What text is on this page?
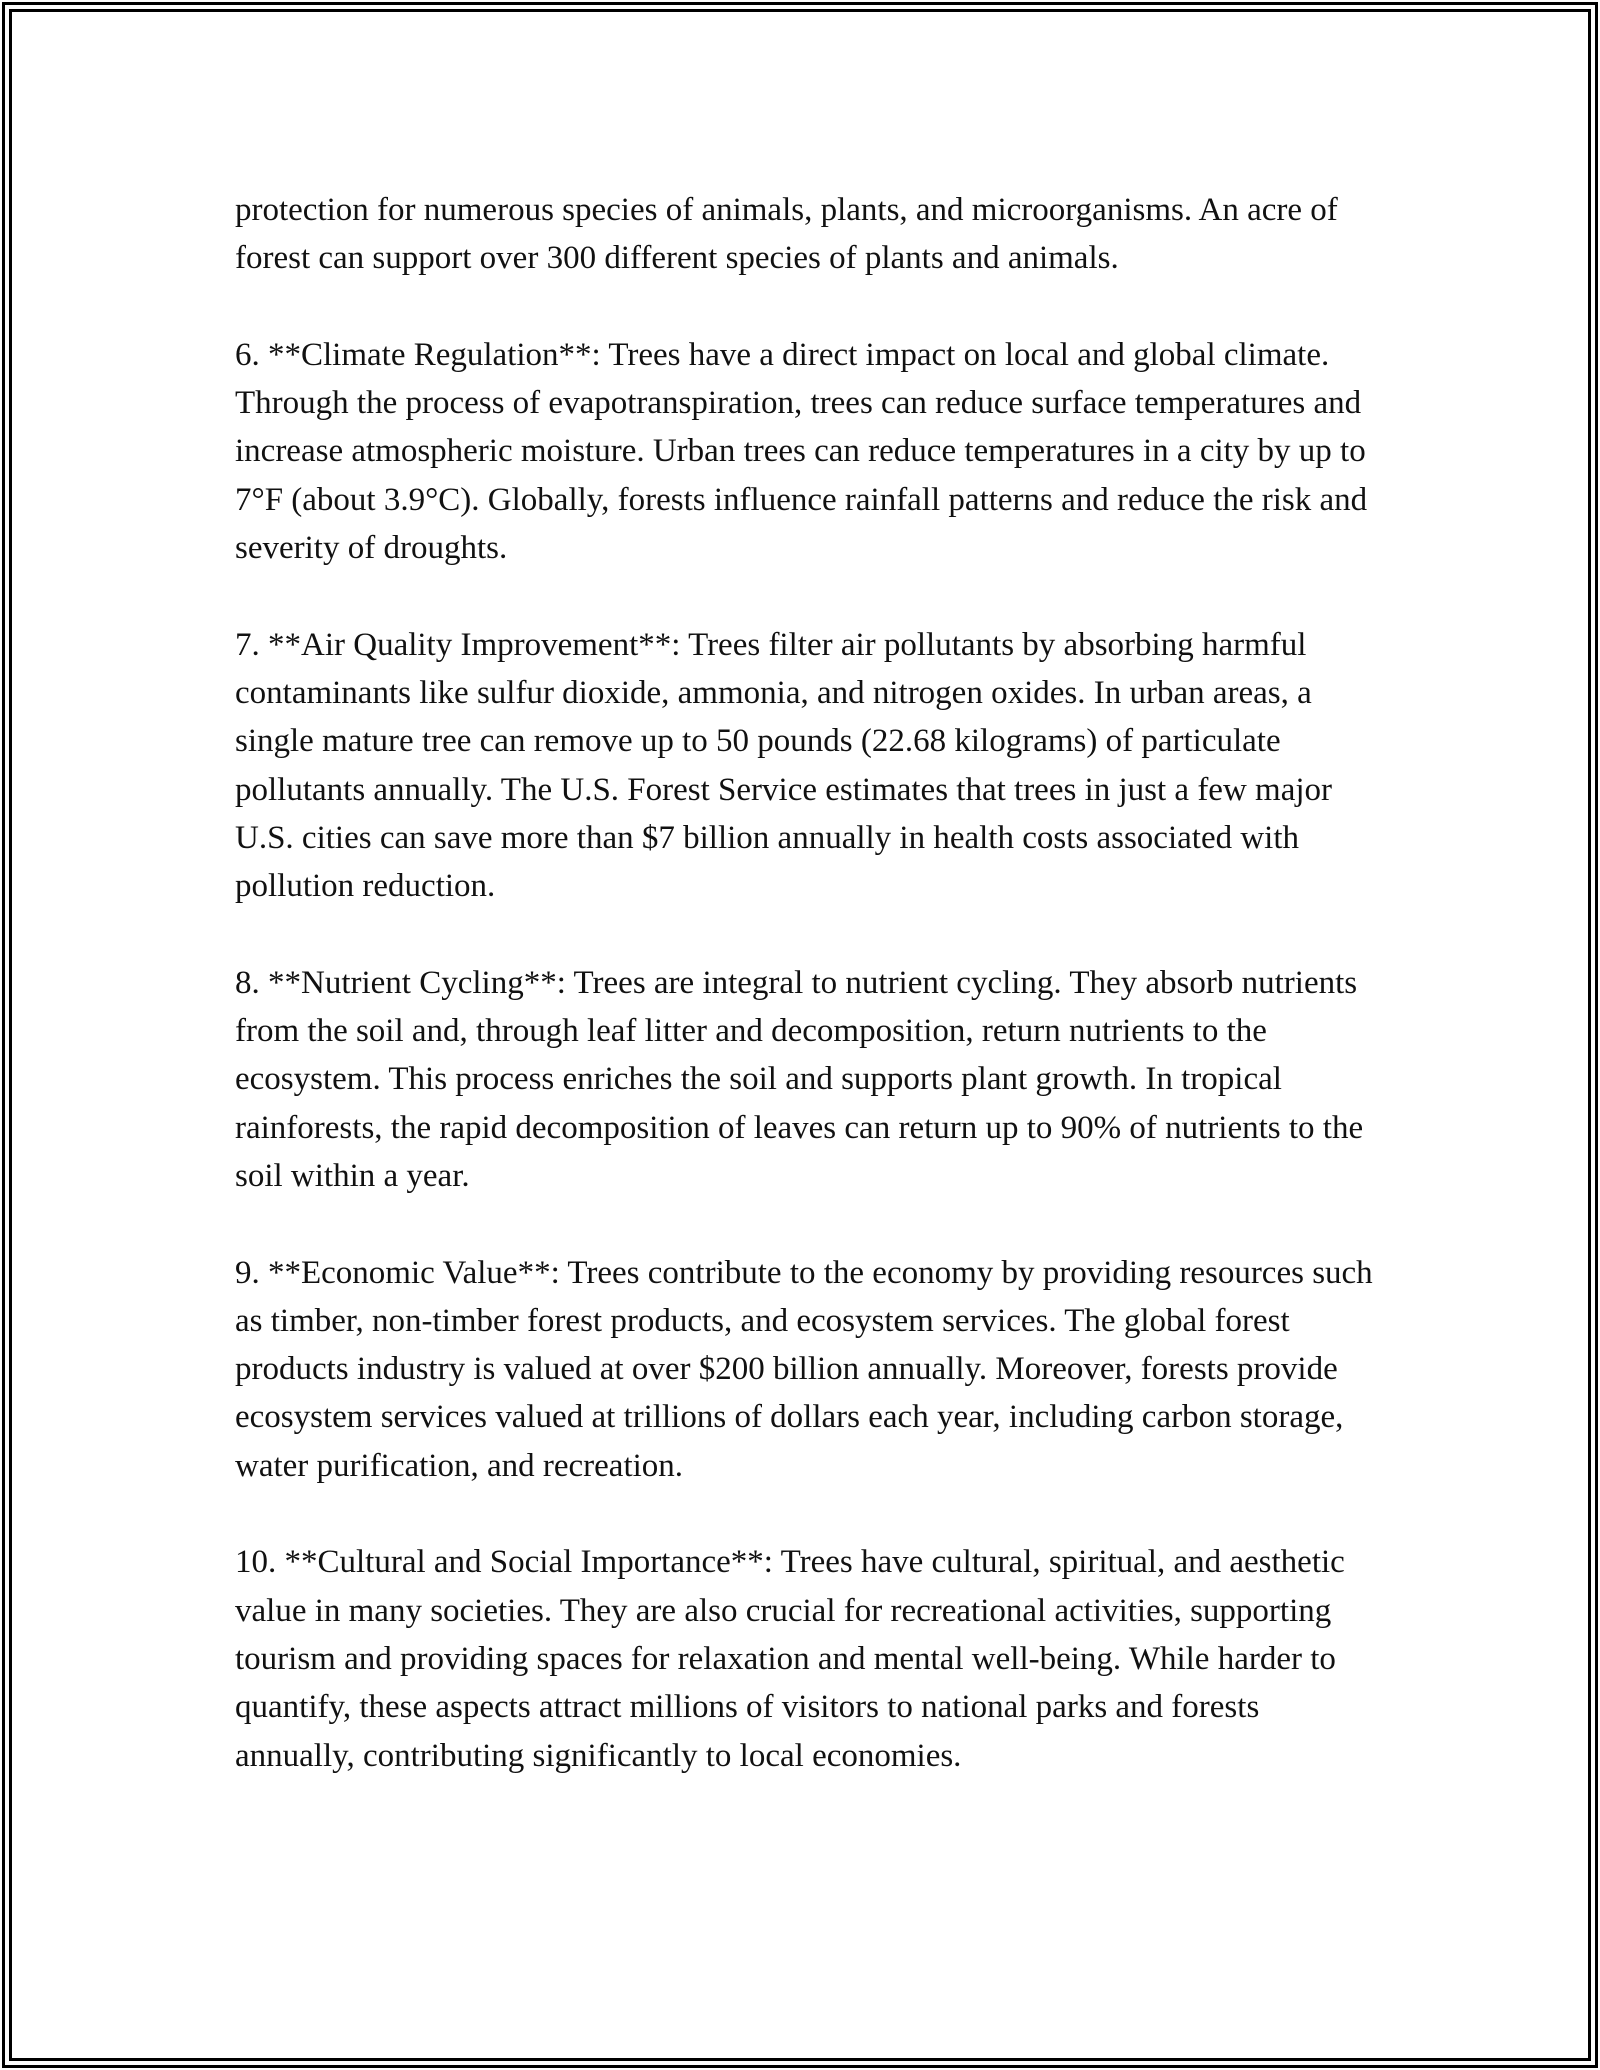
protection for numerous species of animals, plants, and microorganisms. An acre of forest can support over 300 different species of plants and animals.

6. **Climate Regulation**: Trees have a direct impact on local and global climate. Through the process of evapotranspiration, trees can reduce surface temperatures and increase atmospheric moisture. Urban trees can reduce temperatures in a city by up to 7°F (about 3.9°C). Globally, forests influence rainfall patterns and reduce the risk and severity of droughts.

7. **Air Quality Improvement**: Trees filter air pollutants by absorbing harmful contaminants like sulfur dioxide, ammonia, and nitrogen oxides. In urban areas, a single mature tree can remove up to 50 pounds (22.68 kilograms) of particulate pollutants annually. The U.S. Forest Service estimates that trees in just a few major U.S. cities can save more than $7 billion annually in health costs associated with pollution reduction.

8. **Nutrient Cycling**: Trees are integral to nutrient cycling. They absorb nutrients from the soil and, through leaf litter and decomposition, return nutrients to the ecosystem. This process enriches the soil and supports plant growth. In tropical rainforests, the rapid decomposition of leaves can return up to 90% of nutrients to the soil within a year.

9. **Economic Value**: Trees contribute to the economy by providing resources such as timber, non-timber forest products, and ecosystem services. The global forest products industry is valued at over $200 billion annually. Moreover, forests provide ecosystem services valued at trillions of dollars each year, including carbon storage, water purification, and recreation.

10. **Cultural and Social Importance**: Trees have cultural, spiritual, and aesthetic value in many societies. They are also crucial for recreational activities, supporting tourism and providing spaces for relaxation and mental well-being. While harder to quantify, these aspects attract millions of visitors to national parks and forests annually, contributing significantly to local economies.
